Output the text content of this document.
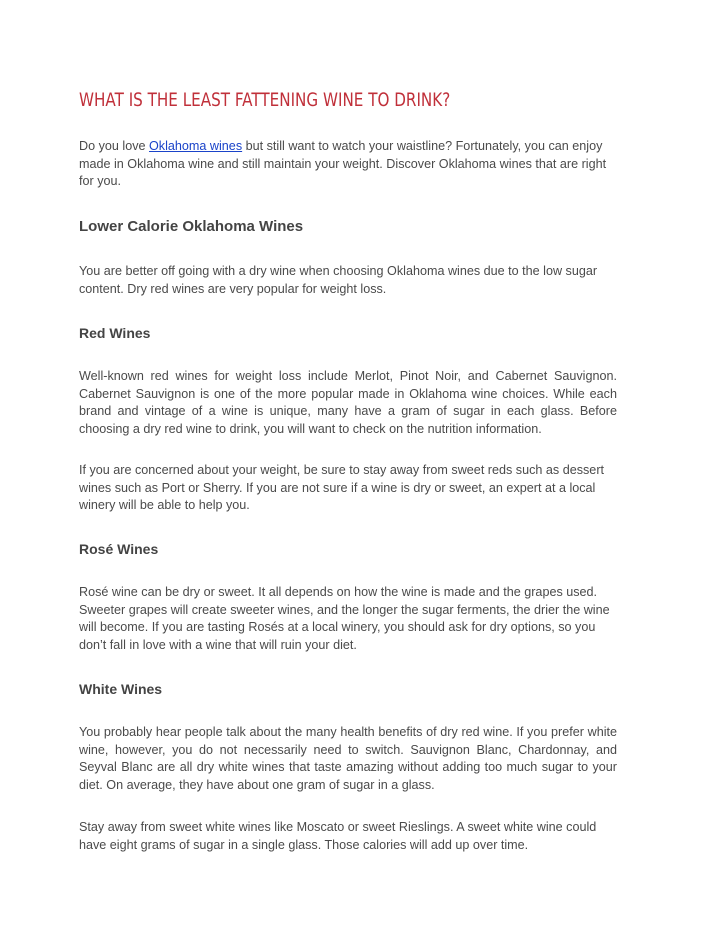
WHAT IS THE LEAST FATTENING WINE TO DRINK?

Do you love Oklahoma wines but still want to watch your waistline? Fortunately, you can enjoy made in Oklahoma wine and still maintain your weight. Discover Oklahoma wines that are right for you.

Lower Calorie Oklahoma Wines

You are better off going with a dry wine when choosing Oklahoma wines due to the low sugar content. Dry red wines are very popular for weight loss.

Red Wines

Well-known red wines for weight loss include Merlot, Pinot Noir, and Cabernet Sauvignon. Cabernet Sauvignon is one of the more popular made in Oklahoma wine choices. While each brand and vintage of a wine is unique, many have a gram of sugar in each glass. Before choosing a dry red wine to drink, you will want to check on the nutrition information.

If you are concerned about your weight, be sure to stay away from sweet reds such as dessert wines such as Port or Sherry. If you are not sure if a wine is dry or sweet, an expert at a local winery will be able to help you.

Rosé Wines

Rosé wine can be dry or sweet. It all depends on how the wine is made and the grapes used. Sweeter grapes will create sweeter wines, and the longer the sugar ferments, the drier the wine will become. If you are tasting Rosés at a local winery, you should ask for dry options, so you don’t fall in love with a wine that will ruin your diet.

White Wines

You probably hear people talk about the many health benefits of dry red wine. If you prefer white wine, however, you do not necessarily need to switch. Sauvignon Blanc, Chardonnay, and Seyval Blanc are all dry white wines that taste amazing without adding too much sugar to your diet. On average, they have about one gram of sugar in a glass.

Stay away from sweet white wines like Moscato or sweet Rieslings. A sweet white wine could have eight grams of sugar in a single glass. Those calories will add up over time.
